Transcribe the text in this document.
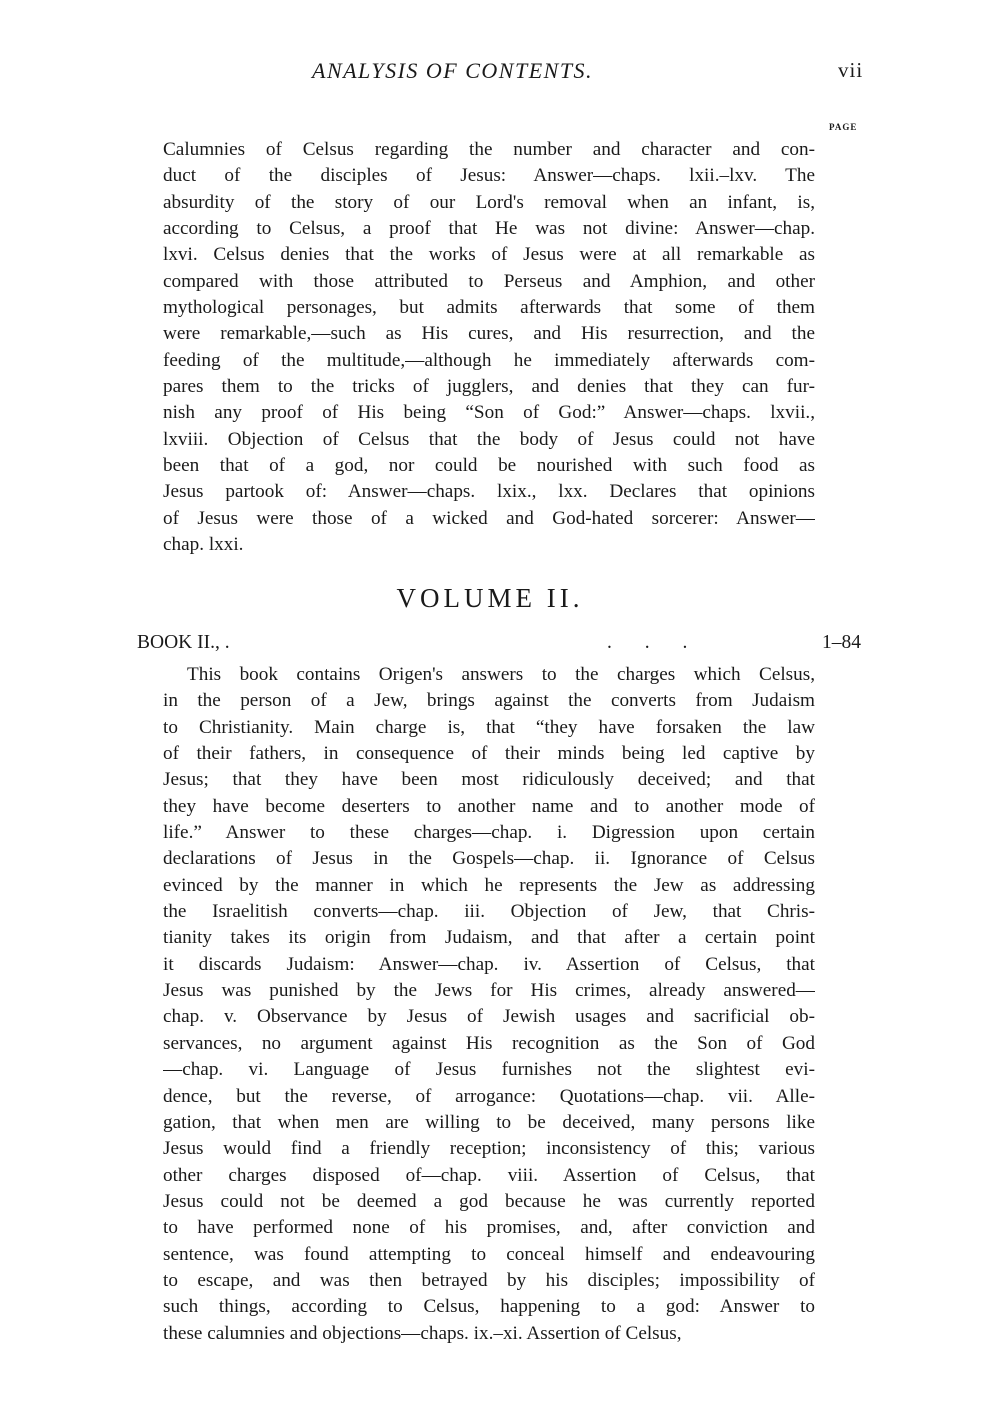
ANALYSIS OF CONTENTS.	vii
PAGE
Calumnies of Celsus regarding the number and character and con-
duct of the disciples of Jesus: Answer—chaps. lxii.–lxv. The
absurdity of the story of our Lord's removal when an infant, is,
according to Celsus, a proof that He was not divine: Answer—chap.
lxvi. Celsus denies that the works of Jesus were at all remarkable as
compared with those attributed to Perseus and Amphion, and other
mythological personages, but admits afterwards that some of them
were remarkable,—such as His cures, and His resurrection, and the
feeding of the multitude,—although he immediately afterwards com-
pares them to the tricks of jugglers, and denies that they can fur-
nish any proof of His being “Son of God:” Answer—chaps. lxvii.,
lxviii. Objection of Celsus that the body of Jesus could not have
been that of a god, nor could be nourished with such food as
Jesus partook of: Answer—chaps. lxix., lxx. Declares that opinions
of Jesus were those of a wicked and God-hated sorcerer: Answer—
chap. lxxi.
VOLUME II.
BOOK II., .	. . .	1–84
This book contains Origen's answers to the charges which Celsus,
in the person of a Jew, brings against the converts from Judaism
to Christianity. Main charge is, that “they have forsaken the law
of their fathers, in consequence of their minds being led captive by
Jesus; that they have been most ridiculously deceived; and that
they have become deserters to another name and to another mode of
life.” Answer to these charges—chap. i. Digression upon certain
declarations of Jesus in the Gospels—chap. ii. Ignorance of Celsus
evinced by the manner in which he represents the Jew as addressing
the Israelitish converts—chap. iii. Objection of Jew, that Chris-
tianity takes its origin from Judaism, and that after a certain point
it discards Judaism: Answer—chap. iv. Assertion of Celsus, that
Jesus was punished by the Jews for His crimes, already answered—
chap. v. Observance by Jesus of Jewish usages and sacrificial ob-
servances, no argument against His recognition as the Son of God
—chap. vi. Language of Jesus furnishes not the slightest evi-
dence, but the reverse, of arrogance: Quotations—chap. vii. Alle-
gation, that when men are willing to be deceived, many persons like
Jesus would find a friendly reception; inconsistency of this; various
other charges disposed of—chap. viii. Assertion of Celsus, that
Jesus could not be deemed a god because he was currently reported
to have performed none of his promises, and, after conviction and
sentence, was found attempting to conceal himself and endeavouring
to escape, and was then betrayed by his disciples; impossibility of
such things, according to Celsus, happening to a god: Answer to
these calumnies and objections—chaps. ix.–xi. Assertion of Celsus,
